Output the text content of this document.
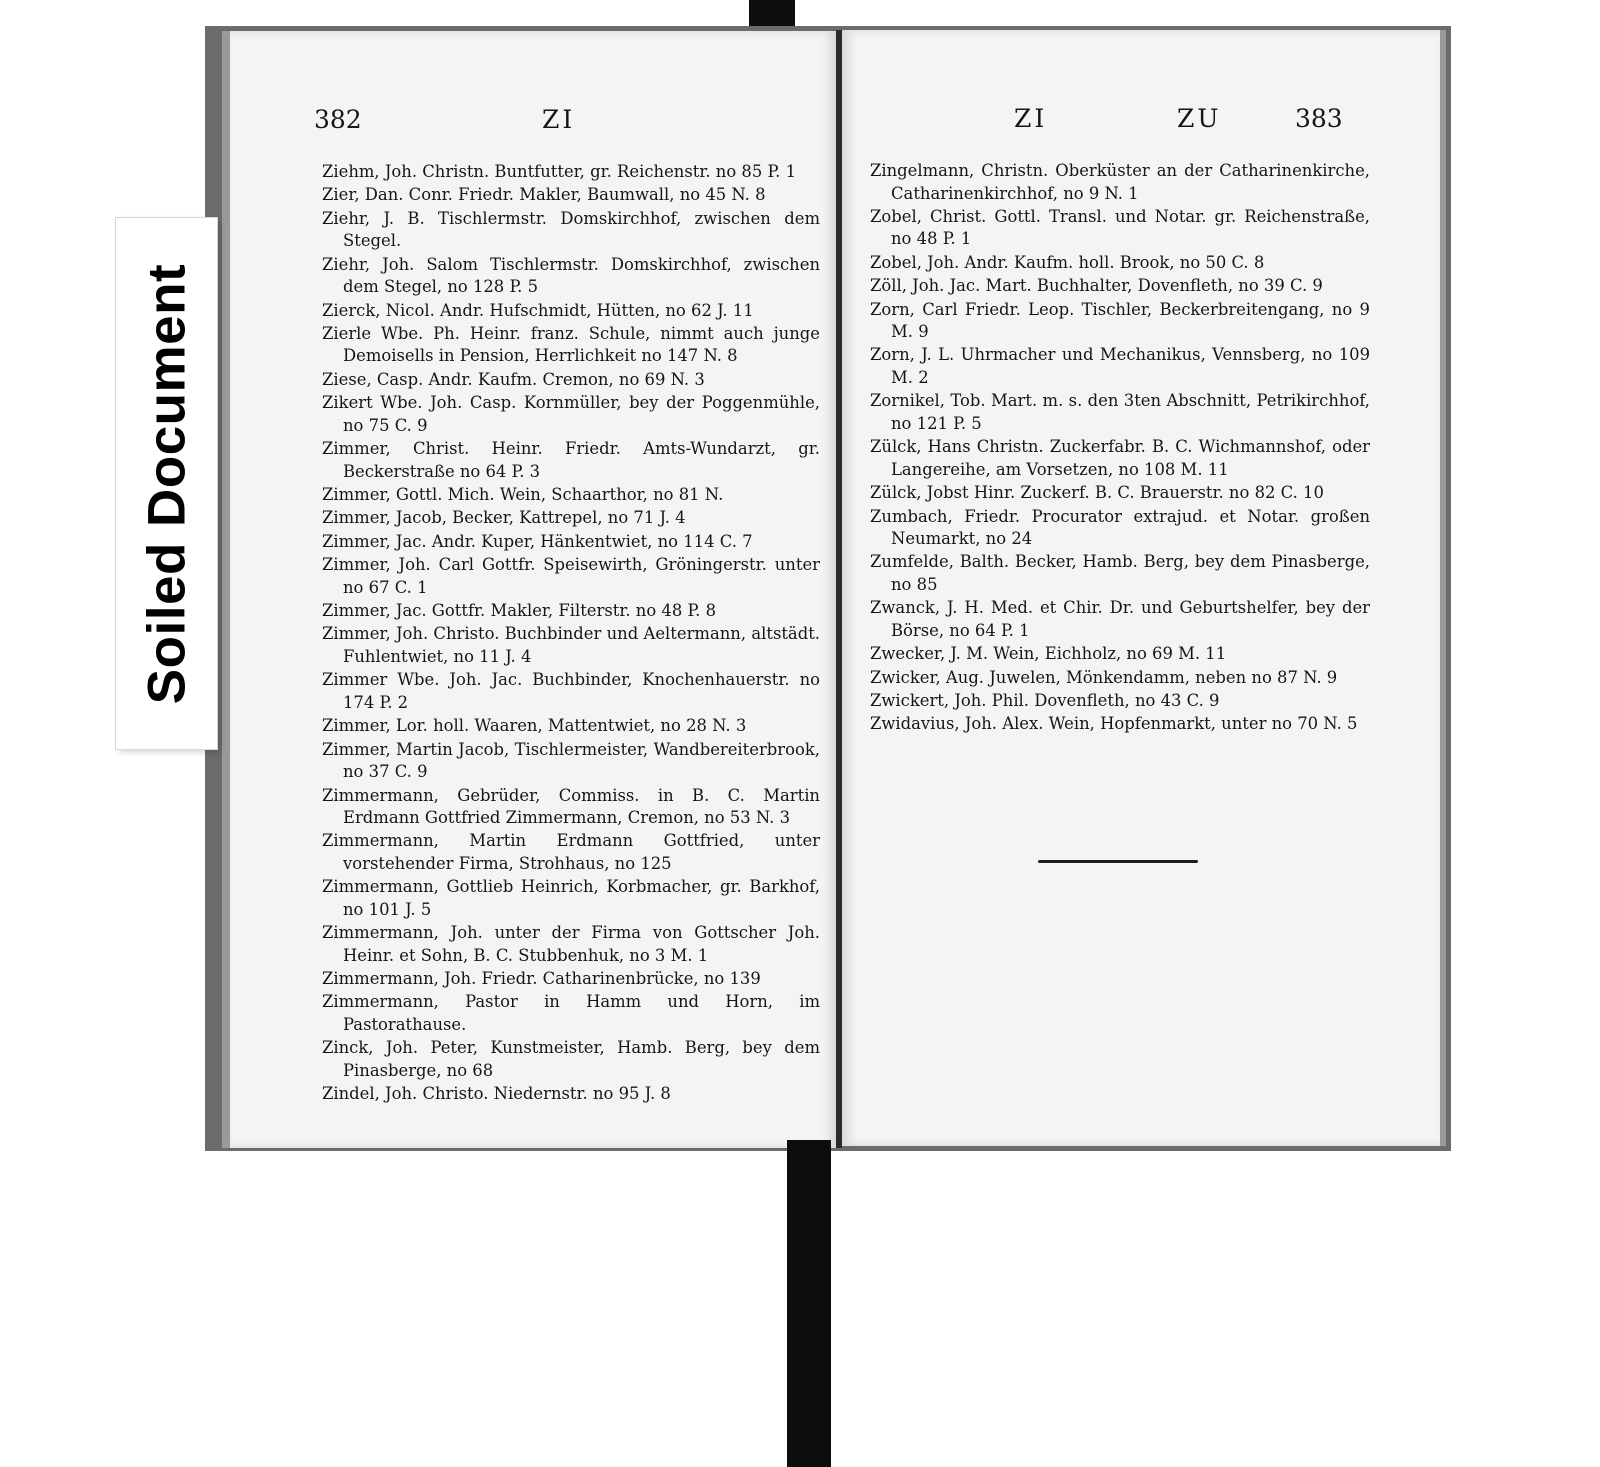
382	ZI
Ziehm, Joh. Christn. Buntfutter, gr. Reichenstr. no 85 P. 1
Zier, Dan. Conr. Friedr. Makler, Baumwall, no 45 N. 8
Ziehr, J. B. Tischlermstr. Domskirchhof, zwischen dem Stegel.
Ziehr, Joh. Salom Tischlermstr. Domskirchhof, zwischen dem Stegel, no 128 P. 5
Zierck, Nicol. Andr. Hufschmidt, Hütten, no 62 J. 11
Zierle Wbe. Ph. Heinr. franz. Schule, nimmt auch junge Demoisells in Pension, Herrlichkeit no 147 N. 8
Ziese, Casp. Andr. Kaufm. Cremon, no 69 N. 3
Zikert Wbe. Joh. Casp. Kornmüller, bey der Poggenmühle, no 75 C. 9
Zimmer, Christ. Heinr. Friedr. Amts-Wundarzt, gr. Beckerstraße no 64 P. 3
Zimmer, Gottl. Mich. Wein, Schaarthor, no 81 N.
Zimmer, Jacob, Becker, Kattrepel, no 71 J. 4
Zimmer, Jac. Andr. Kuper, Hänkentwiet, no 114 C. 7
Zimmer, Joh. Carl Gottfr. Speisewirth, Gröningerstr. unter no 67 C. 1
Zimmer, Jac. Gottfr. Makler, Filterstr. no 48 P. 8
Zimmer, Joh. Christo. Buchbinder und Aeltermann, altstädt. Fuhlentwiet, no 11 J. 4
Zimmer Wbe. Joh. Jac. Buchbinder, Knochenhauerstr. no 174 P. 2
Zimmer, Lor. holl. Waaren, Mattentwiet, no 28 N. 3
Zimmer, Martin Jacob, Tischlermeister, Wandbereiterbrook, no 37 C. 9
Zimmermann, Gebrüder, Commiss. in B. C. Martin Erdmann Gottfried Zimmermann, Cremon, no 53 N. 3
Zimmermann, Martin Erdmann Gottfried, unter vorstehender Firma, Strohhaus, no 125
Zimmermann, Gottlieb Heinrich, Korbmacher, gr. Barkhof, no 101 J. 5
Zimmermann, Joh. unter der Firma von Gottscher Joh. Heinr. et Sohn, B. C. Stubbenhuk, no 3 M. 1
Zimmermann, Joh. Friedr. Catharinenbrücke, no 139
Zimmermann, Pastor in Hamm und Horn, im Pastorathause.
Zinck, Joh. Peter, Kunstmeister, Hamb. Berg, bey dem Pinasberge, no 68
Zindel, Joh. Christo. Niedernstr. no 95 J. 8
ZI	ZU	383
Zingelmann, Christn. Oberküster an der Catharinenkirche, Catharinenkirchhof, no 9 N. 1
Zobel, Christ. Gottl. Transl. und Notar. gr. Reichenstraße, no 48 P. 1
Zobel, Joh. Andr. Kaufm. holl. Brook, no 50 C. 8
Zöll, Joh. Jac. Mart. Buchhalter, Dovenfleth, no 39 C. 9
Zorn, Carl Friedr. Leop. Tischler, Beckerbreitengang, no 9 M. 9
Zorn, J. L. Uhrmacher und Mechanikus, Vennsberg, no 109 M. 2
Zornikel, Tob. Mart. m. s. den 3ten Abschnitt, Petrikirchhof, no 121 P. 5
Zülck, Hans Christn. Zuckerfabr. B. C. Wichmannshof, oder Langereihe, am Vorsetzen, no 108 M. 11
Zülck, Jobst Hinr. Zuckerf. B. C. Brauerstr. no 82 C. 10
Zumbach, Friedr. Procurator extrajud. et Notar. großen Neumarkt, no 24
Zumfelde, Balth. Becker, Hamb. Berg, bey dem Pinasberge, no 85
Zwanck, J. H. Med. et Chir. Dr. und Geburtshelfer, bey der Börse, no 64 P. 1
Zwecker, J. M. Wein, Eichholz, no 69 M. 11
Zwicker, Aug. Juwelen, Mönkendamm, neben no 87 N. 9
Zwickert, Joh. Phil. Dovenfleth, no 43 C. 9
Zwidavius, Joh. Alex. Wein, Hopfenmarkt, unter no 70 N. 5
Soiled Document
